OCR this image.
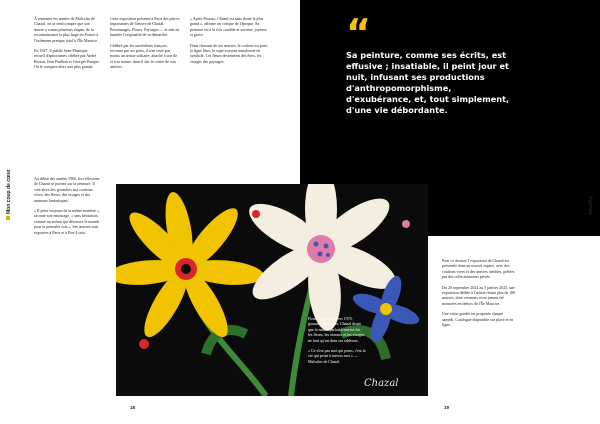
Mon coup de cœur

À remonter les années de Malcolm de Chazal, on se rend compte que son œuvre a connu plusieurs étapes, de la reconnaissance la plus large en France à l'isolement presque total à l'Île Maurice.

En 1947, il publie Sens-Plastique, recueil d'aphorismes célébré par André Breton, Jean Paulhan et Georges Braque. On le compare alors aux plus grands.

Au début des années 1960, les réflexions de Chazal se portent sur la peinture. Il crée alors des gouaches aux couleurs vives, des fleurs, des visages et des animaux fantastiques.

« Il peint toujours de la même manière », raconte son entourage, « sans hésitation, comme un enfant qui découvre le monde pour la première fois ». Ses œuvres sont exposées à Paris et à Port-Louis.

Cette exposition présente à Paris des pièces importantes de l'œuvre de Chazal : Personnages, Fleurs, Paysages — et met en lumière l'originalité de sa démarche.

Célébré par les surréalistes français, reconnu par ses pairs, il n'en reste pas moins un artiste solitaire, attaché à son île et à sa nature, dont il fait le centre de son univers.

« Après Picasso, Chazal est sans doute le plus grand », affirme un critique de l'époque. Sa peinture est à la fois candide et savante, joyeuse et grave.

Dans chacune de ses œuvres, la couleur est pure, la ligne libre, le sujet souvent transformé en symbole. Les fleurs deviennent des êtres, les visages des paysages.

18
“
Sa peinture, comme ses écrits, est effusive ; insatiable, il peint jour et nuit, infusant ses productions d'anthropomorphisme, d'exubérance, et, tout simplement, d'une vie débordante.
Agenda
Chazal

Fleurs sans nom, vers 1970, gouache sur papier. Chazal disait que la nature parlait à travers lui : les fleurs, les oiseaux et les visages ne font qu'un dans ses tableaux.

« Ce n'est pas moi qui peins, c'est la vie qui peint à travers moi » — Malcolm de Chazal.

Pour ce dossier, l'exposition de Chazal est présentée dans un nouvel espace, avec des couleurs vives et des œuvres inédites, prêtées par des collectionneurs privés.

Du 20 septembre 2024 au 5 janvier 2025, une exposition dédiée à l'artiste réunit plus de 100 œuvres, dont certaines n'ont jamais été montrées en dehors de l'Île Maurice.

Une visite guidée est proposée chaque samedi. Catalogue disponible sur place et en ligne.

19
